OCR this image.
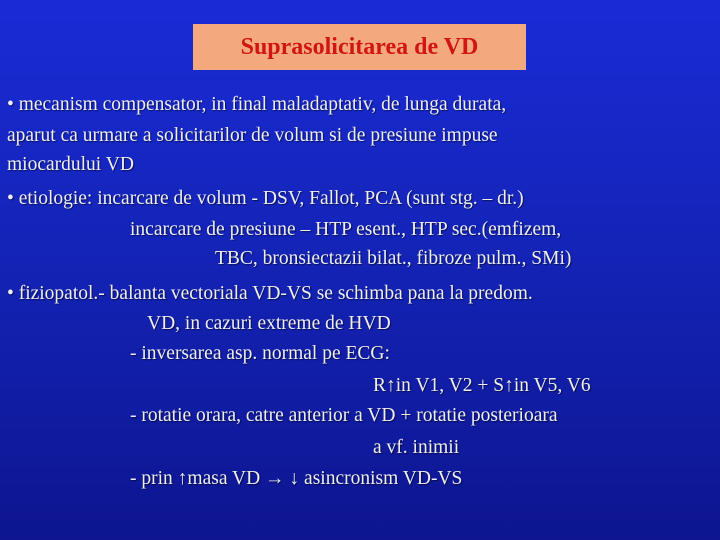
Suprasolicitarea de VD
• mecanism compensator, in final maladaptativ, de lunga durata,
aparut ca urmare a solicitarilor de volum si de presiune impuse
miocardului VD
• etiologie: incarcare de volum - DSV, Fallot, PCA (sunt stg. – dr.)
incarcare de presiune – HTP esent., HTP sec.(emfizem,
TBC, bronsiectazii bilat., fibroze pulm., SMi)
• fiziopatol.- balanta vectoriala VD-VS se schimba pana la predom.
VD, in cazuri extreme de HVD
- inversarea asp. normal pe ECG:
R↑in V1, V2 + S↑in V5, V6
- rotatie orara, catre anterior a VD + rotatie posterioara
a vf. inimii
- prin ↑masa VD → ↓ asincronism VD-VS
